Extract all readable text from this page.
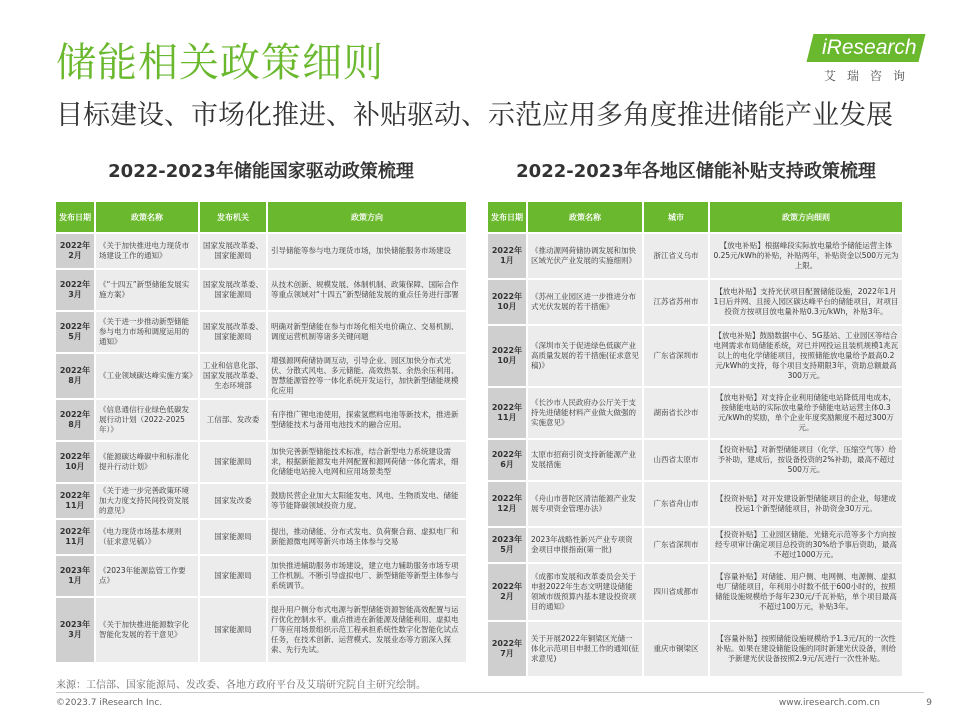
储能相关政策细则
目标建设、市场化推进、补贴驱动、示范应用多角度推进储能产业发展
iResearch
艾瑞咨询
2022-2023年储能国家驱动政策梳理	2022-2023年各地区储能补贴支持政策梳理
发布日期	政策名称	发布机关	政策方向
2022年2月	《关于加快推进电力现货市场建设工作的通知》	国家发展改革委、国家能源局	引导储能等参与电力现货市场，加快储能服务市场建设
2022年3月	《“十四五”新型储能发展实施方案》	国家发展改革委、国家能源局	从技术创新、规模发展、体制机制、政策保障、国际合作等重点领域对“十四五”新型储能发展的重点任务进行部署
2022年5月	《关于进一步推动新型储能参与电力市场和调度运用的通知》	国家发展改革委、国家能源局	明确对新型储能在参与市场化相关电价确立、交易机制、调度运营机制等诸多关键问题
2022年8月	《工业领域碳达峰实施方案》	工业和信息化部、国家发展改革委、生态环境部	增强源网荷储协调互动，引导企业、园区加快分布式光伏、分散式风电、多元储能、高效热泵、余热余压利用、智慧能源管控等一体化系统开发运行，加快新型储能规模化应用
2022年8月	《信息通信行业绿色低碳发展行动计划（2022-2025年）》	工信部、发改委	有序推广锂电池使用，探索氢燃料电池等新技术，推进新型储能技术与备用电池技术的融合应用。
2022年10月	《能源碳达峰碳中和标准化提升行动计划》	国家能源局	加快完善新型储能技术标准，结合新型电力系统建设需求，根据新能源发电并网配置和源网荷储一体化需求，细化储能电站接入电网和应用场景类型
2022年11月	《关于进一步完善政策环境加大力度支持民间投资发展的意见》	国家发改委	鼓励民营企业加大太阳能发电、风电、生物质发电、储能等节能降碳领域投资力度。
2022年11月	《电力现货市场基本规则（征求意见稿）》	国家能源局	提出，推动储能、分布式发电、负荷聚合商、虚拟电厂和新能源微电网等新兴市场主体参与交易
2023年1月	《2023年能源监管工作要点》	国家能源局	加快推进辅助服务市场建设，建立电力辅助服务市场专项工作机制。不断引导虚拟电厂、新型储能等新型主体参与系统调节。
2023年3月	《关于加快推进能源数字化智能化发展的若干意见》	国家能源局	提升用户侧分布式电源与新型储能资源智能高效配置与运行优化控制水平。重点推进在新能源及储能利用、虚拟电厂等应用场景组织示范工程承担系统性数字化智能化试点任务，在技术创新、运营模式、发展业态等方面深入探索、先行先试。
发布日期	政策名称	城市	政策方向细则
2022年1月	《推动源网荷储协调发展和加快区域光伏产业发展的实施细则》	浙江省义乌市	【放电补贴】根据峰段实际放电量给予储能运营主体0.25元/kWh的补贴，补贴两年，补贴资金以500万元为上限。
2022年10月	《苏州工业园区进一步推进分布式光伏发展的若干措施》	江苏省苏州市	【放电补贴】支持光伏项目配置储能设施，2022年1月1日后并网、且接入园区碳达峰平台的储能项目，对项目投资方按项目放电量补贴0.3元/kWh，补贴3年。
2022年10月	《深圳市关于促进绿色低碳产业高质量发展的若干措施(征求意见稿)》	广东省深圳市	【放电补贴】鼓励数据中心、5G基站、工业园区等结合电网需求布局储能系统，对已并网投运且装机规模1兆瓦以上的电化学储能项目，按照储能放电量给予最高0.2元/kWh的支持，每个项目支持期限3年，资助总额最高300万元。
2022年11月	《长沙市人民政府办公厅关于支持先进储能材料产业做大做强的实施意见》	湖南省长沙市	【放电补贴】对支持企业利用储能电站降低用电成本，按储能电站的实际放电量给予储能电站运营主体0.3元/kWh的奖励，单个企业年度奖励额度不超过300万元。
2022年6月	太原市招商引资支持新能源产业发展措施	山西省太原市	【投资补贴】对新型储能项目（化学、压缩空气等）给予补助，建成后，按设备投资的2%补助，最高不超过500万元。
2022年12月	《舟山市普陀区清洁能源产业发展专项资金管理办法》	广东省舟山市	【投资补贴】对开发建设新型储能项目的企业，每建成投运1个新型储能项目，补助资金30万元。
2023年5月	2023年战略性新兴产业专项资金项目申报指南(第一批)	广东省深圳市	【投资补贴】工业园区储能、光储充示范等多个方向按经专项审计确定项目总投资的30%给予事后资助，最高不超过1000万元。
2022年2月	《成都市发展和改革委员会关于申报2022年生态文明建设储能领域市级预算内基本建设投资项目的通知》	四川省成都市	【容量补贴】对储能、用户侧、电网侧、电源侧、虚拟电厂储能项目，年利用小时数不低于600小时的，按照储能设施规模给予每年230元/千瓦补贴，单个项目最高不超过100万元，补贴3年。
2022年7月	关于开展2022年铜梁区光储一体化示范项目申报工作的通知(征求意见)	重庆市铜梁区	【容量补贴】按照储能设施规模给予1.3元/瓦的一次性补贴。如果在建设储能设施的同时新建光伏设备，则给予新建光伏设备按照2.9元/瓦进行一次性补贴。
来源：工信部、国家能源局、发改委、各地方政府平台及艾瑞研究院自主研究绘制。
©2023.7 iResearch Inc.	www.iresearch.com.cn	9
